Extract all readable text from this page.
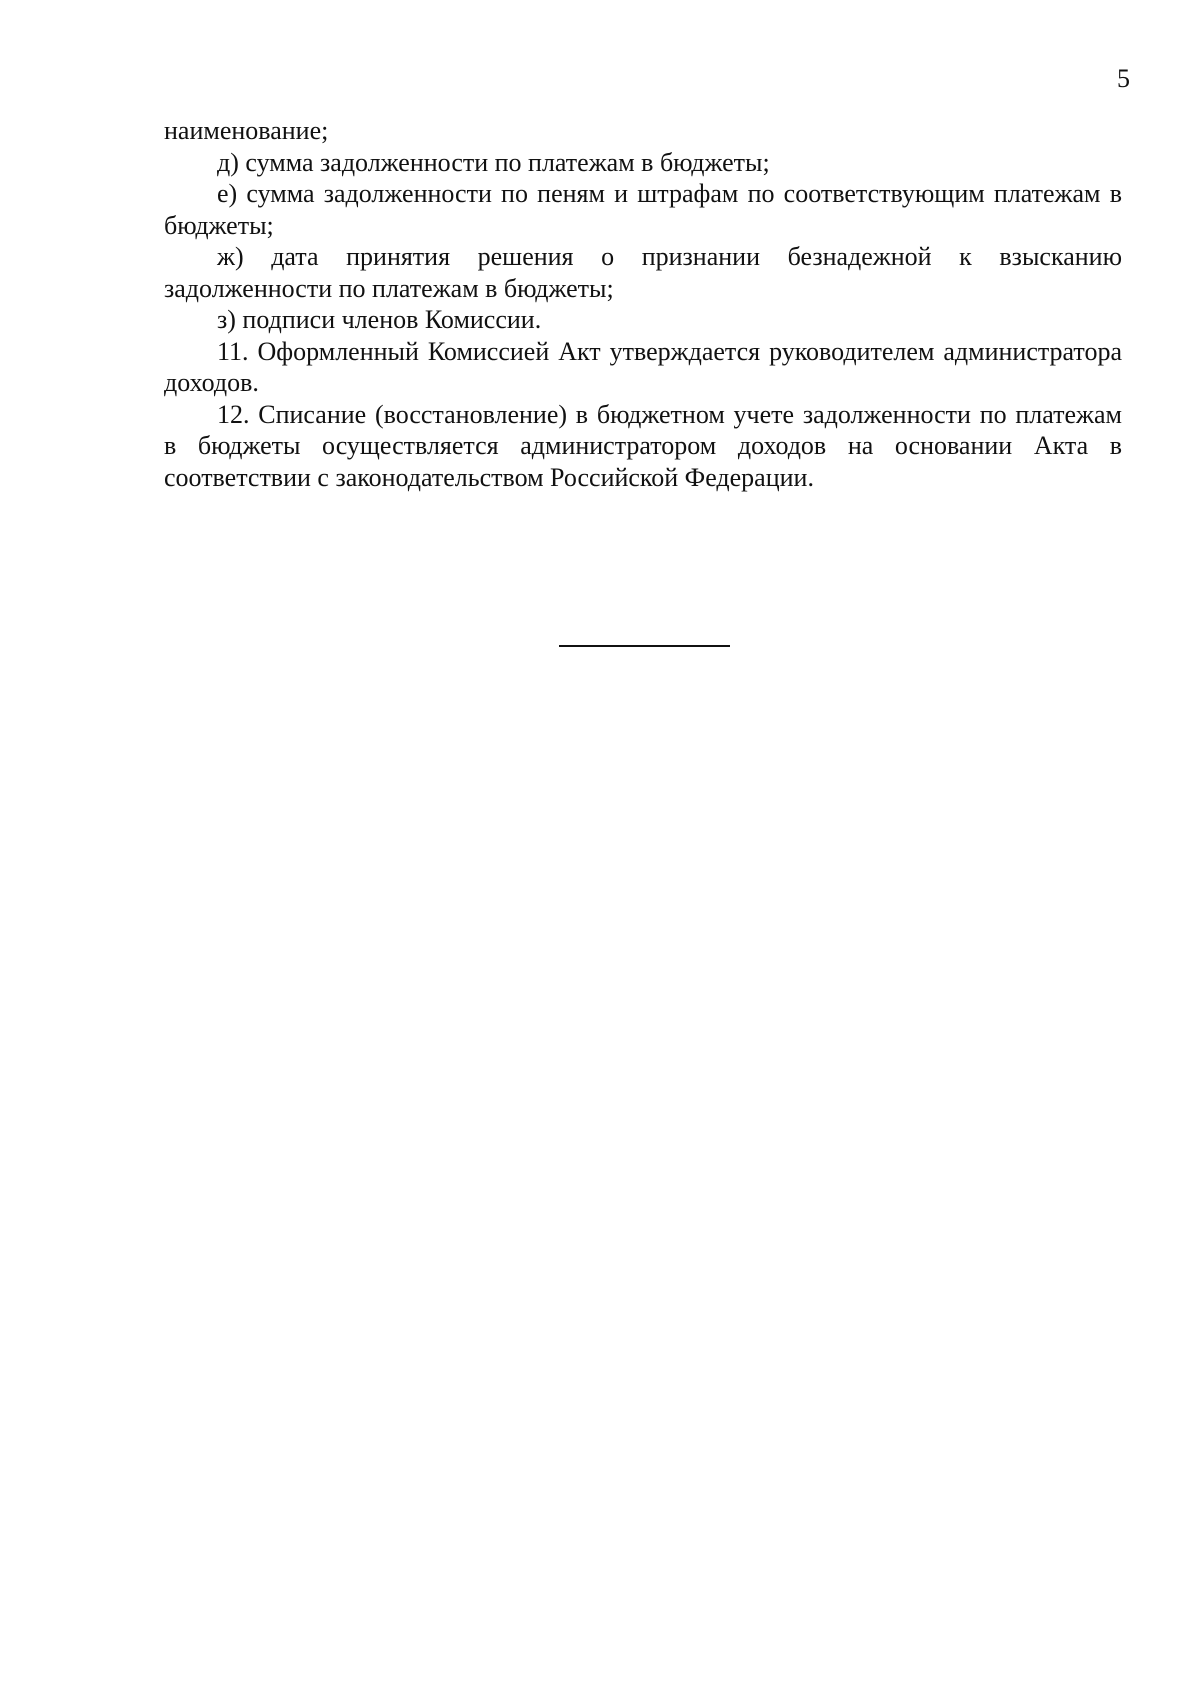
5

наименование;

д) сумма задолженности по платежам в бюджеты;

е) сумма задолженности по пеням и штрафам по соответствующим платежам в бюджеты;

ж) дата принятия решения о признании безнадежной к взысканию задолженности по платежам в бюджеты;

з) подписи членов Комиссии.

11. Оформленный Комиссией Акт утверждается руководителем администратора доходов.

12. Списание (восстановление) в бюджетном учете задолженности по платежам в бюджеты осуществляется администратором доходов на основании Акта в соответствии с законодательством Российской Федерации.
